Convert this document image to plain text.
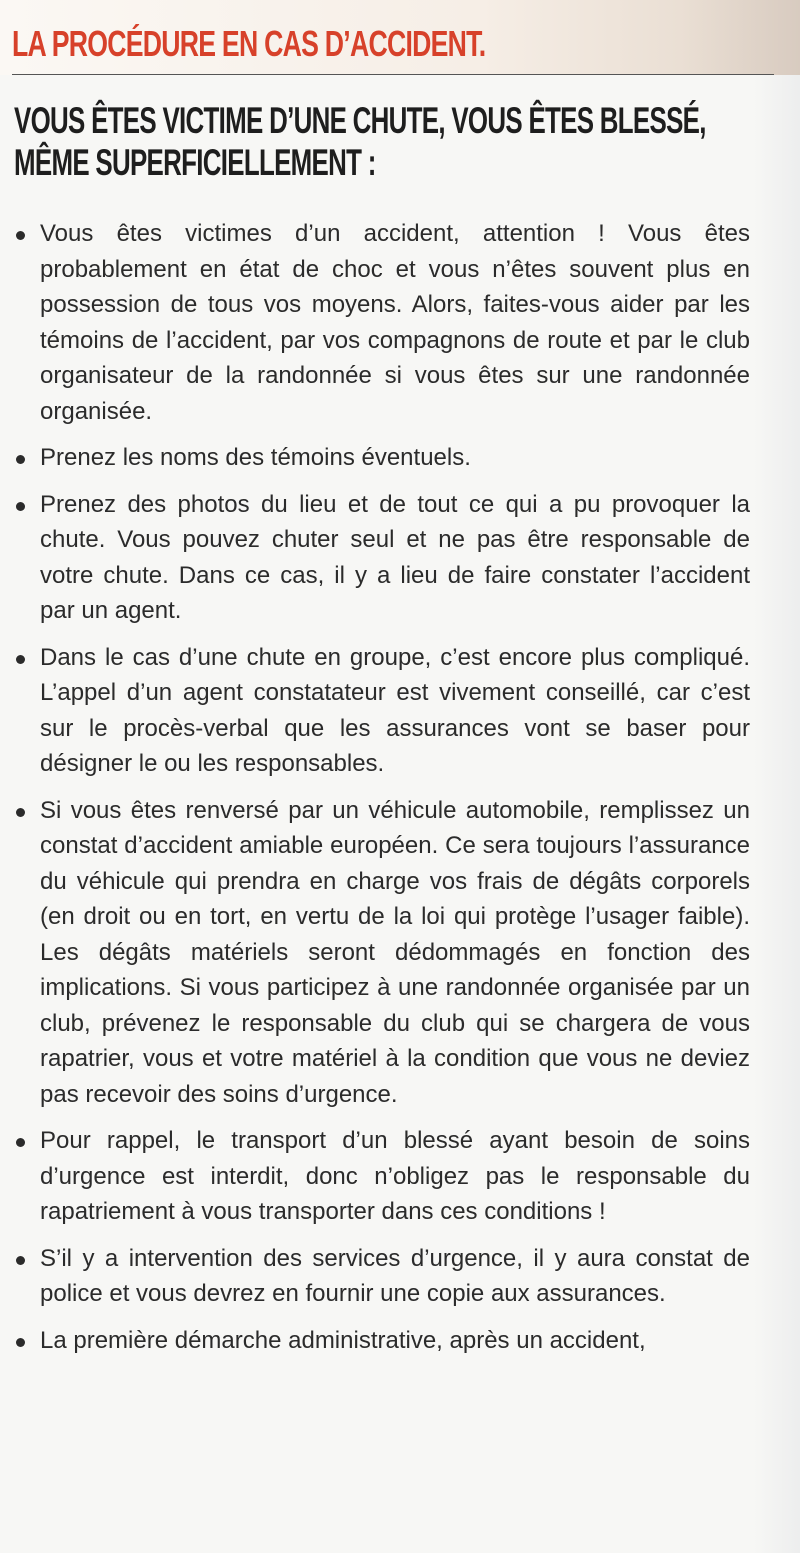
LA PROCÉDURE EN CAS D’ACCIDENT.
VOUS ÊTES VICTIME D’UNE CHUTE, VOUS ÊTES BLESSÉ,
MÊME SUPERFICIELLEMENT :
Vous êtes victimes d’un accident, attention ! Vous êtes probablement en état de choc et vous n’êtes souvent plus en possession de tous vos moyens. Alors, faites-vous aider par les témoins de l’accident, par vos compagnons de route et par le club organisateur de la randonnée si vous êtes sur une randonnée organisée.
Prenez les noms des témoins éventuels.
Prenez des photos du lieu et de tout ce qui a pu provoquer la chute. Vous pouvez chuter seul et ne pas être responsable de votre chute. Dans ce cas, il y a lieu de faire constater l’accident par un agent.
Dans le cas d’une chute en groupe, c’est encore plus compliqué. L’appel d’un agent constatateur est vivement conseillé, car c’est sur le procès-verbal que les assurances vont se baser pour désigner le ou les responsables.
Si vous êtes renversé par un véhicule automobile, remplissez un constat d’accident amiable européen. Ce sera toujours l’assurance du véhicule qui prendra en charge vos frais de dégâts corporels (en droit ou en tort, en vertu de la loi qui protège l’usager faible). Les dégâts matériels seront dédommagés en fonction des implications. Si vous participez à une randonnée organisée par un club, prévenez le responsable du club qui se chargera de vous rapatrier, vous et votre matériel à la condition que vous ne deviez pas recevoir des soins d’urgence.
Pour rappel, le transport d’un blessé ayant besoin de soins d’urgence est interdit, donc n’obligez pas le responsable du rapatriement à vous transporter dans ces conditions !
S’il y a intervention des services d’urgence, il y aura constat de police et vous devrez en fournir une copie aux assurances.
La première démarche administrative, après un accident,
